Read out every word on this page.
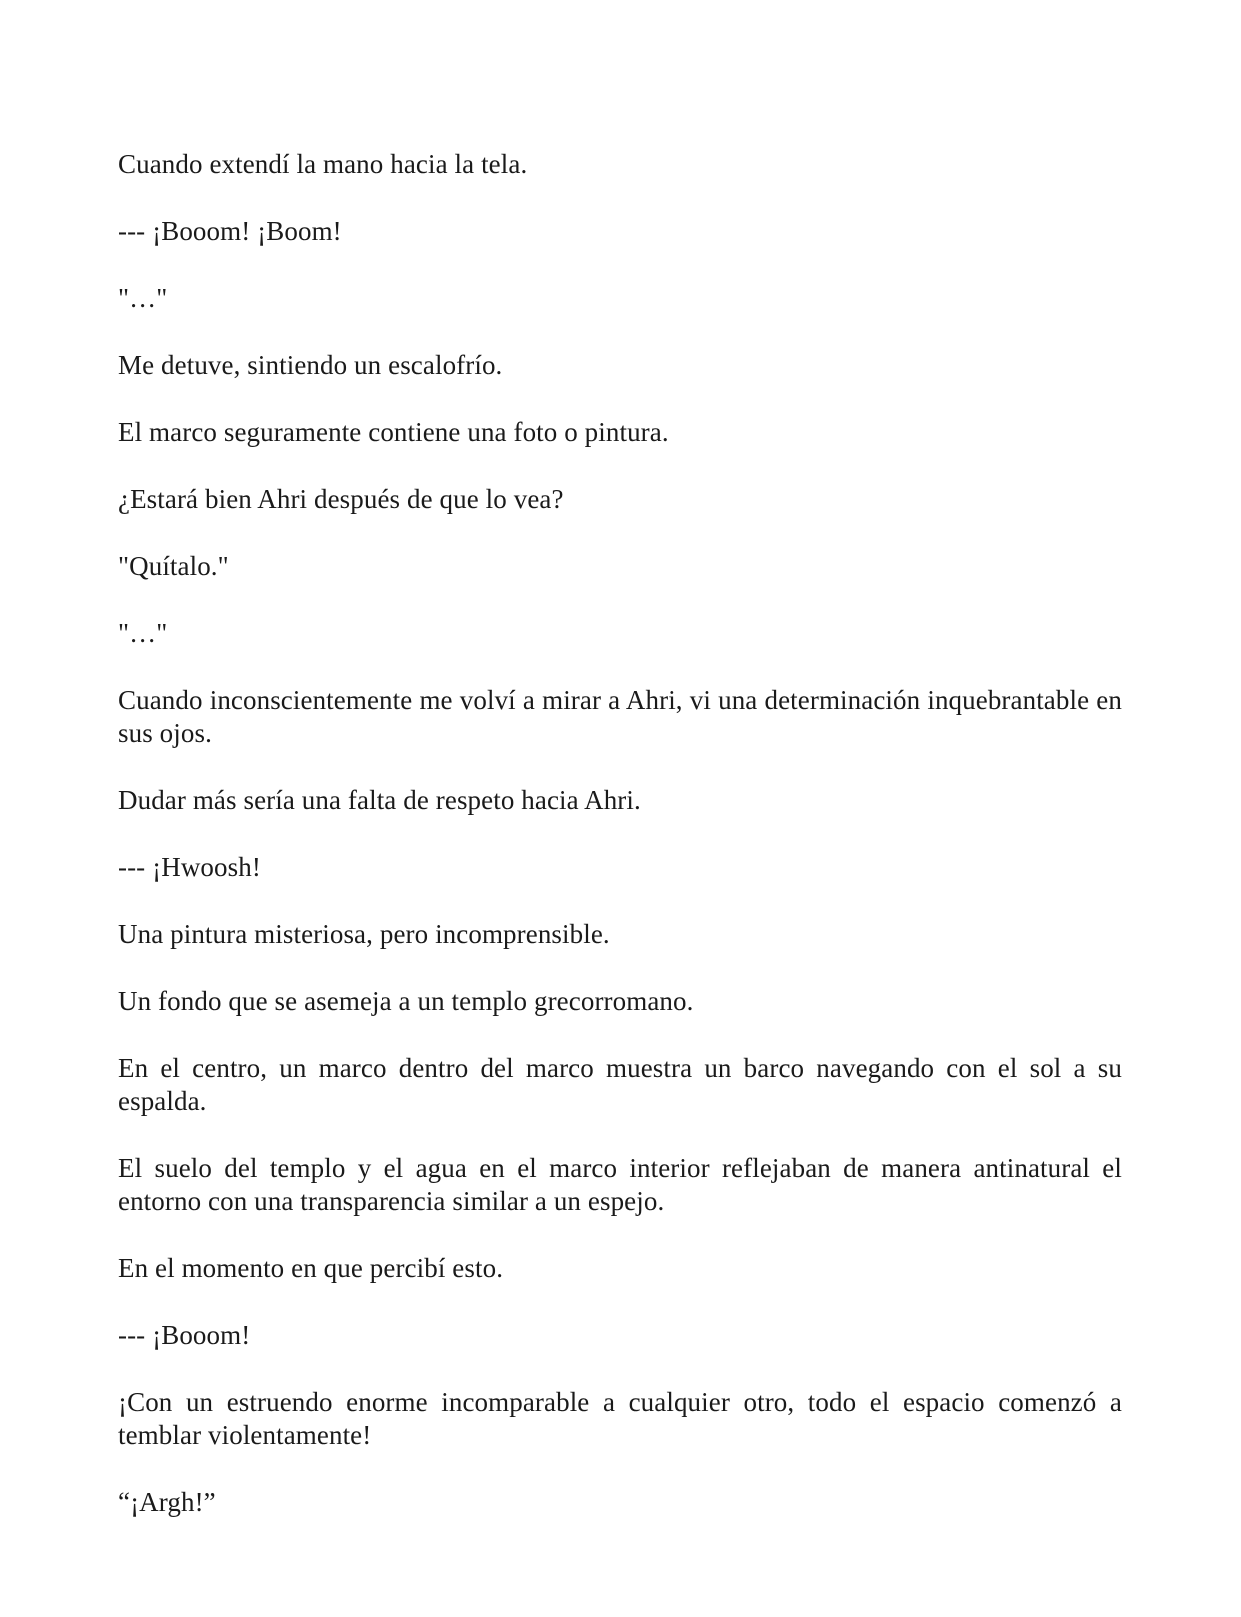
Cuando extendí la mano hacia la tela.

--- ¡Booom! ¡Boom!

"…"

Me detuve, sintiendo un escalofrío.

El marco seguramente contiene una foto o pintura.

¿Estará bien Ahri después de que lo vea?

"Quítalo."

"…"

Cuando inconscientemente me volví a mirar a Ahri, vi una determinación inquebrantable en sus ojos.

Dudar más sería una falta de respeto hacia Ahri.

--- ¡Hwoosh!

Una pintura misteriosa, pero incomprensible.

Un fondo que se asemeja a un templo grecorromano.

En el centro, un marco dentro del marco muestra un barco navegando con el sol a su espalda.

El suelo del templo y el agua en el marco interior reflejaban de manera antinatural el entorno con una transparencia similar a un espejo.

En el momento en que percibí esto.

--- ¡Booom!

¡Con un estruendo enorme incomparable a cualquier otro, todo el espacio comenzó a temblar violentamente!

“¡Argh!”
